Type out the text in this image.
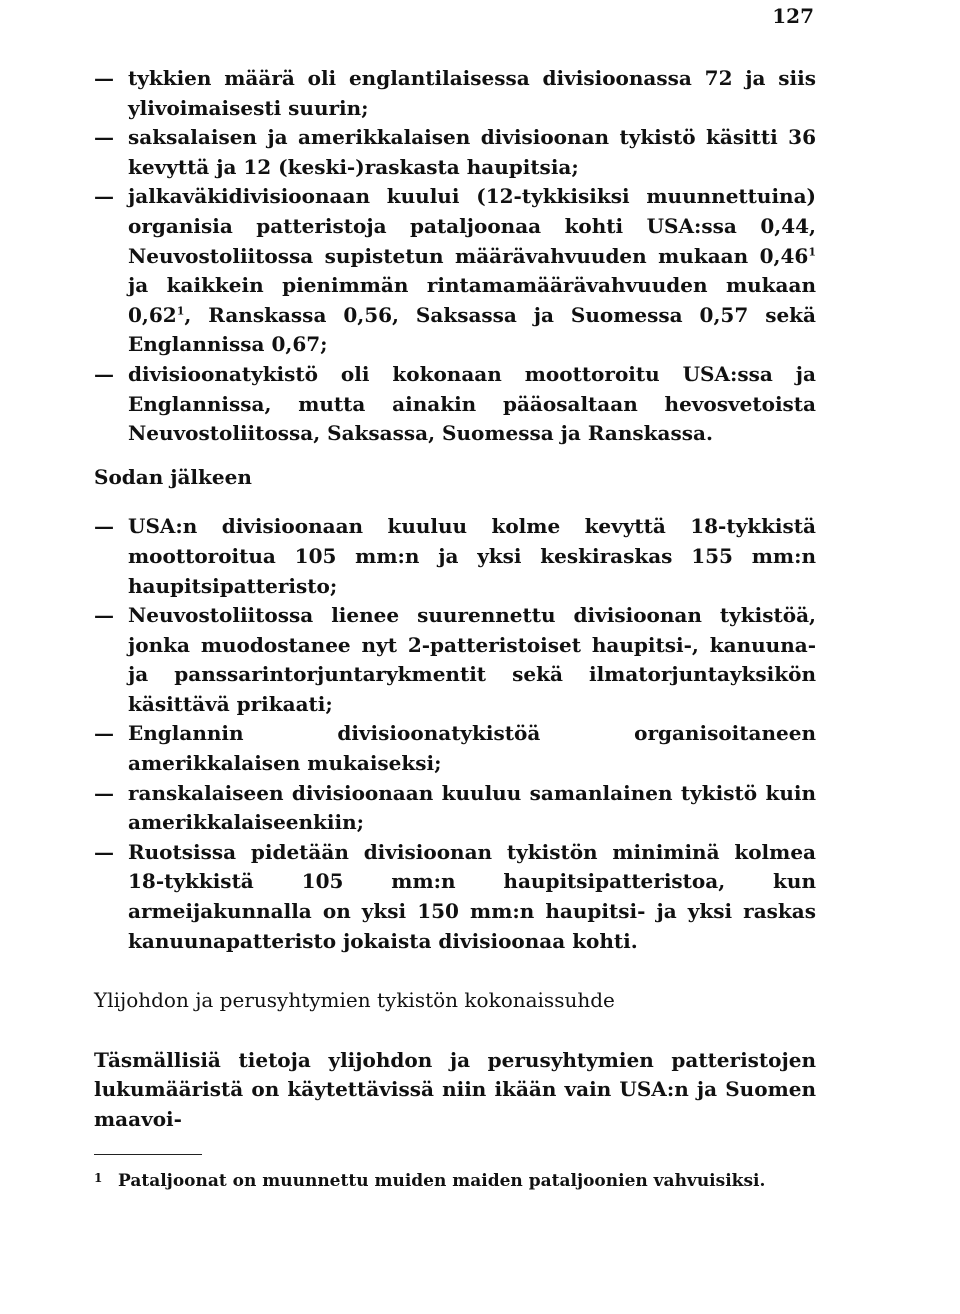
127
— tykkien määrä oli englantilaisessa divisioonassa 72 ja siis ylivoimaisesti suurin;
— saksalaisen ja amerikkalaisen divisioonan tykistö käsitti 36 kevyttä ja 12 (keski-)raskasta haupitsia;
— jalkaväkidivisioonaan kuului (12-tykkisiksi muunnettuina) organisia patteristoja pataljoonaa kohti USA:ssa 0,44, Neuvostoliitossa supistetun määrävahvuuden mukaan 0,46$^1$ ja kaikkein pienimmän rintamamäärävahvuuden mukaan 0,62$^1$, Ranskassa 0,56, Saksassa ja Suomessa 0,57 sekä Englannissa 0,67;
— divisioonatykistö oli kokonaan moottoroitu USA:ssa ja Englannissa, mutta ainakin pääosaltaan hevosvetoista Neuvostoliitossa, Saksassa, Suomessa ja Ranskassa.

Sodan jälkeen

— USA:n divisioonaan kuuluu kolme kevyttä 18-tykkistä moottoroitua 105 mm:n ja yksi keskiraskas 155 mm:n haupitsipatteristo;
— Neuvostoliitossa lienee suurennettu divisioonan tykistöä, jonka muodostanee nyt 2-patteristoiset haupitsi-, kanuuna- ja panssarintorjuntarykmentit sekä ilmatorjuntayksikön käsittävä prikaati;
— Englannin divisioonatykistöä organisoitaneen amerikkalaisen mukaiseksi;
— ranskalaiseen divisioonaan kuuluu samanlainen tykistö kuin amerikkalaiseenkiin;
— Ruotsissa pidetään divisioonan tykistön miniminä kolmea 18-tykkistä 105 mm:n haupitsipatteristoa, kun armeijakunnalla on yksi 150 mm:n haupitsi- ja yksi raskas kanuunapatteristo jokaista divisioonaa kohti.

Ylijohdon ja perusyhtymien tykistön kokonaissuhde

Täsmällisiä tietoja ylijohdon ja perusyhtymien patteristojen lukumääristä on käytettävissä niin ikään vain USA:n ja Suomen maavoi-

1 Pataljoonat on muunnettu muiden maiden pataljoonien vahvuisiksi.
